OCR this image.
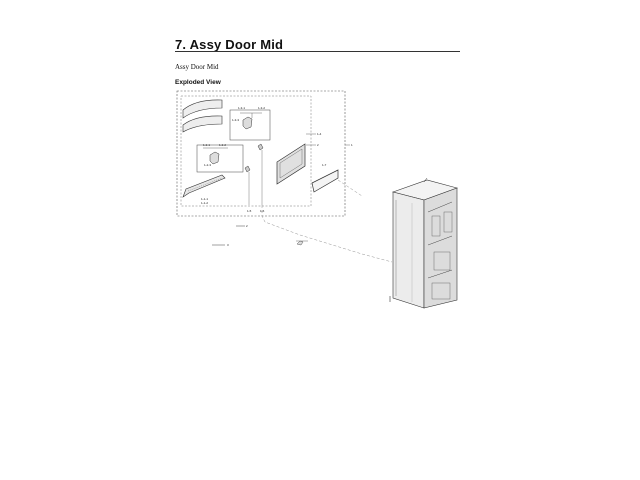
7. Assy Door Mid
Assy Door Mid
Exploded View
1-3-1	1-3-2
1-3-3
1-2-1	1-2-2
1-2-3
1-1-1
1-1-2
1-4
2	1
1-5	1-6
1-7
2
3
